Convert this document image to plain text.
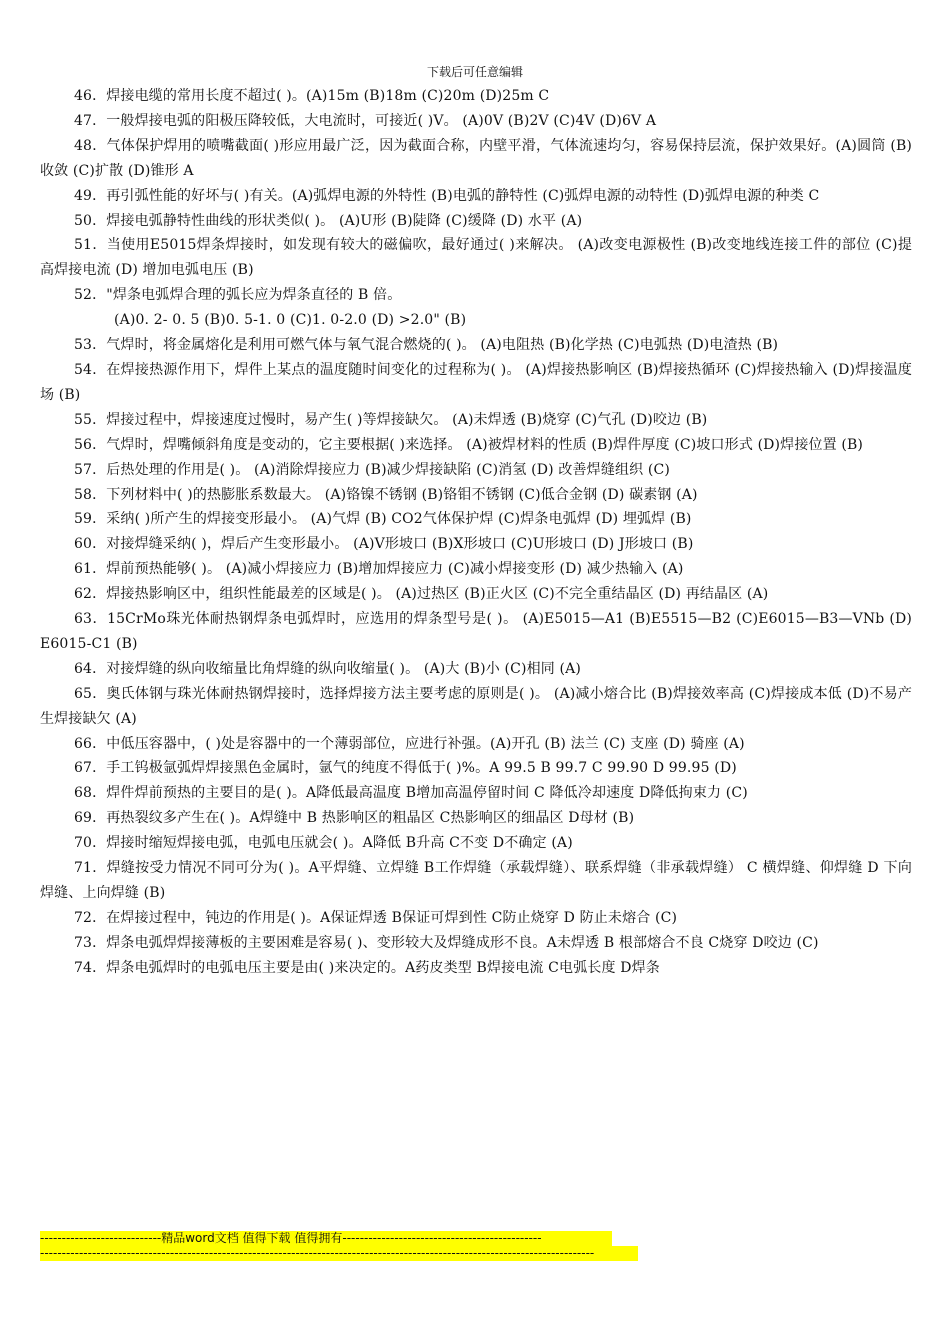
下载后可任意编辑

46．焊接电缆的常用长度不超过( )。(A)15m (B)18m (C)20m (D)25m C

47．一般焊接电弧的阳极压降较低，大电流时，可接近( )V。 (A)0V (B)2V (C)4V (D)6V A

48．气体保护焊用的喷嘴截面( )形应用最广泛，因为截面合称，内壁平滑，气体流速均匀，容易保持层流，保护效果好。(A)圆筒 (B)收敛 (C)扩散 (D)锥形 A

49．再引弧性能的好坏与( )有关。(A)弧焊电源的外特性 (B)电弧的静特性 (C)弧焊电源的动特性 (D)弧焊电源的种类 C

50．焊接电弧静特性曲线的形状类似( )。 (A)U形 (B)陡降 (C)缓降 (D) 水平 (A)

51．当使用E5015焊条焊接时，如发现有较大的磁偏吹，最好通过( )来解决。 (A)改变电源极性 (B)改变地线连接工件的部位 (C)提高焊接电流 (D) 增加电弧电压 (B)

52．"焊条电弧焊合理的弧长应为焊条直径的 B 倍。

(A)0. 2- 0. 5 (B)0. 5-1. 0 (C)1. 0-2.0 (D) >2.0" (B)

53．气焊时，将金属熔化是利用可燃气体与氧气混合燃烧的( )。 (A)电阻热 (B)化学热 (C)电弧热 (D)电渣热 (B)

54．在焊接热源作用下，焊件上某点的温度随时间变化的过程称为( )。 (A)焊接热影响区 (B)焊接热循环 (C)焊接热输入 (D)焊接温度场 (B)

55．焊接过程中，焊接速度过慢时，易产生( )等焊接缺欠。 (A)未焊透 (B)烧穿 (C)气孔 (D)咬边 (B)

56．气焊时，焊嘴倾斜角度是变动的，它主要根据( )来选择。 (A)被焊材料的性质 (B)焊件厚度 (C)坡口形式 (D)焊接位置 (B)

57．后热处理的作用是( )。 (A)消除焊接应力 (B)减少焊接缺陷 (C)消氢 (D) 改善焊缝组织 (C)

58．下列材料中( )的热膨胀系数最大。 (A)铬镍不锈钢 (B)铬钼不锈钢 (C)低合金钢 (D) 碳素钢 (A)

59．采纳( )所产生的焊接变形最小。 (A)气焊 (B) CO2气体保护焊 (C)焊条电弧焊 (D) 埋弧焊 (B)

60．对接焊缝采纳( )，焊后产生变形最小。 (A)V形坡口 (B)X形坡口 (C)U形坡口 (D) J形坡口 (B)

61．焊前预热能够( )。 (A)减小焊接应力 (B)增加焊接应力 (C)减小焊接变形 (D) 减少热输入 (A)

62．焊接热影响区中，组织性能最差的区域是( )。 (A)过热区 (B)正火区 (C)不完全重结晶区 (D) 再结晶区 (A)

63．15CrMo珠光体耐热钢焊条电弧焊时，应选用的焊条型号是( )。 (A)E5015—A1 (B)E5515—B2 (C)E6015—B3—VNb (D) E6015-C1 (B)

64．对接焊缝的纵向收缩量比角焊缝的纵向收缩量( )。 (A)大 (B)小 (C)相同 (A)

65．奥氏体钢与珠光体耐热钢焊接时，选择焊接方法主要考虑的原则是( )。 (A)减小熔合比 (B)焊接效率高 (C)焊接成本低 (D)不易产生焊接缺欠 (A)

66．中低压容器中，( )处是容器中的一个薄弱部位，应进行补强。(A)开孔 (B) 法兰 (C) 支座 (D) 骑座 (A)

67．手工钨极氩弧焊焊接黑色金属时，氩气的纯度不得低于( )%。A 99.5 B 99.7 C 99.90 D 99.95 (D)

68．焊件焊前预热的主要目的是( )。A降低最高温度 B增加高温停留时间 C 降低冷却速度 D降低拘束力 (C)

69．再热裂纹多产生在( )。A焊缝中 B 热影响区的粗晶区 C热影响区的细晶区 D母材 (B)

70．焊接时缩短焊接电弧，电弧电压就会( )。A降低 B升高 C不变 D不确定 (A)

71．焊缝按受力情况不同可分为( )。A平焊缝、立焊缝 B工作焊缝（承载焊缝）、联系焊缝（非承载焊缝） C 横焊缝、仰焊缝 D 下向焊缝、上向焊缝 (B)

72．在焊接过程中，钝边的作用是( )。A保证焊透 B保证可焊到性 C防止烧穿 D 防止未熔合 (C)

73．焊条电弧焊焊接薄板的主要困难是容易( )、变形较大及焊缝成形不良。A未焊透 B 根部熔合不良 C烧穿 D咬边 (C)

74．焊条电弧焊时的电弧电压主要是由( )来决定的。A药皮类型 B焊接电流 C电弧长度 D焊条

----------------------------精品word文档 值得下载 值得拥有----------------------------------------------
--------------------------------------------------------------------------------------------------------------------------------
